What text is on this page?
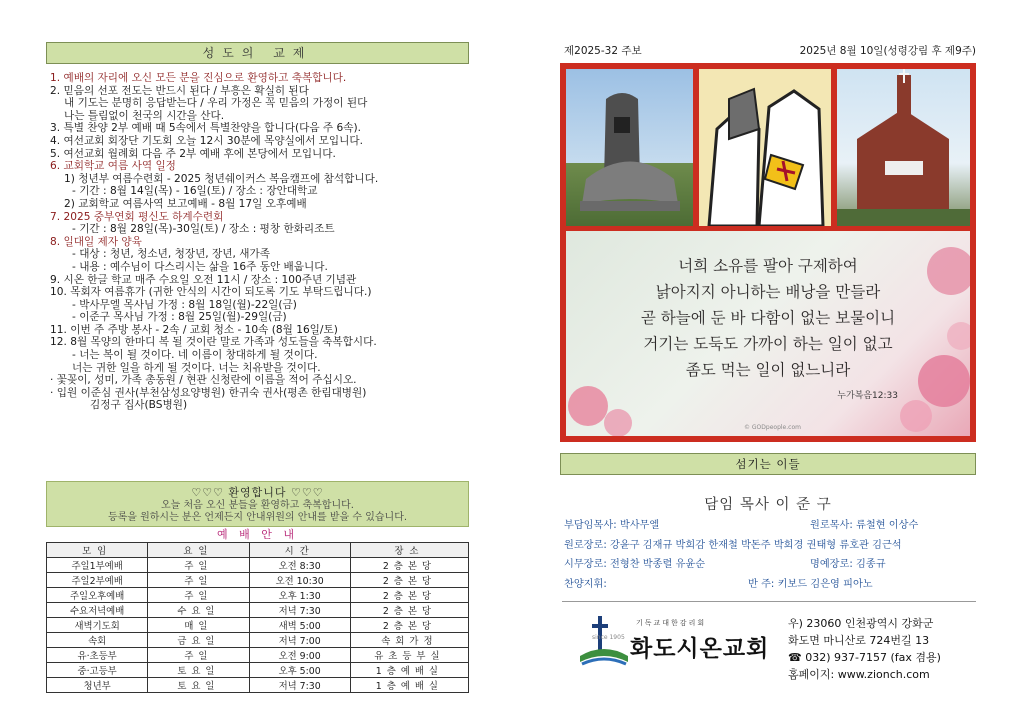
성도의 교제
1. 예배의 자리에 오신 모든 분을 진심으로 환영하고 축복합니다.
2. 믿음의 선포 전도는 반드시 된다 / 부흥은 확실히 된다
내 기도는 분명히 응답받는다 / 우리 가정은 꼭 믿음의 가정이 된다
나는 틀림없이 천국의 시간을 산다.
3. 특별 찬양 2부 예배 때 5속에서 특별찬양을 합니다(다음 주 6속).
4. 여선교회 회장단 기도회 오늘 12시 30분에 목양실에서 모입니다.
5. 여선교회 월례회 다음 주 2부 예배 후에 본당에서 모입니다.
6. 교회학교 여름 사역 일정
1) 청년부 여름수련회 - 2025 청년쉐이커스 복음캠프에 참석합니다.
- 기간 : 8월 14일(목) - 16일(토) / 장소 : 장안대학교
2) 교회학교 여름사역 보고예배 - 8월 17일 오후예배
7. 2025 중부연회 평신도 하계수련회
- 기간 : 8월 28일(목)-30일(토) / 장소 : 평창 한화리조트
8. 일대일 제자 양육
- 대상 : 청년, 청소년, 청장년, 장년, 새가족
- 내용 : 예수님이 다스리시는 삶을 16주 동안 배웁니다.
9. 시온 한글 학교 매주 수요일 오전 11시 / 장소 : 100주년 기념관
10. 목회자 여름휴가 (귀한 안식의 시간이 되도록 기도 부탁드립니다.)
- 박사무엘 목사님 가정 : 8월 18일(월)-22일(금)
- 이준구 목사님 가정 : 8월 25일(월)-29일(금)
11. 이번 주 주방 봉사 - 2속 / 교회 청소 - 10속 (8월 16일/토)
12. 8월 목양의 한마디 복 될 것이란 말로 가족과 성도들을 축복합시다.
- 너는 복이 될 것이다. 네 이름이 창대하게 될 것이다.
너는 귀한 일을 하게 될 것이다. 너는 치유받을 것이다.
· 꽃꽂이, 성미, 가족 총동원 / 현관 신청란에 이름을 적어 주십시오.
· 입원 이준심 권사(부천삼성요양병원) 한귀숙 권사(평촌 한림대병원)
김정구 집사(BS병원)
♡♡♡ 환영합니다 ♡♡♡
오늘 처음 오신 분들을 환영하고 축복합니다.
등록을 원하시는 분은 언제든지 안내위원의 안내를 받을 수 있습니다.
예 배 안 내
모임	요일	시간	장소
주일1부예배	주일	오전 8:30	2층본당
주일2부예배	주일	오전 10:30	2층본당
주일오후예배	주일	오후 1:30	2층본당
수요저녁예배	수요일	저녁 7:30	2층본당
새벽기도회	매일	새벽 5:00	2층본당
속회	금요일	저녁 7:00	속회가정
유·초등부	주일	오전 9:00	유초등부실
중·고등부	토요일	오후 5:00	1층예배실
청년부	토요일	저녁 7:30	1층예배실
제2025-32 주보	2025년 8월 10일(성령강림 후 제9주)
너희 소유를 팔아 구제하여
낡아지지 아니하는 배낭을 만들라
곧 하늘에 둔 바 다함이 없는 보물이니
거기는 도둑도 가까이 하는 일이 없고
좀도 먹는 일이 없느니라
누가복음12:33
© GODpeople.com
섬기는 이들
담임 목사 이 준 구
부담임목사: 박사무엘	원로목사: 류철현 이상수
원로장로: 강윤구 김재규 박희감 한재철 박돈주 박희경 권태형 류호관 김근석
시무장로: 전형찬 박종렬 유윤순	명예장로: 김종규
찬양지휘:	반 주: 키보드 김은영 피아노
since 1905
기독교대한감리회
화도시온교회
우) 23060 인천광역시 강화군
화도면 마니산로 724번길 13
☎ 032) 937-7157 (fax 겸용)
홈페이지: www.zionch.com
